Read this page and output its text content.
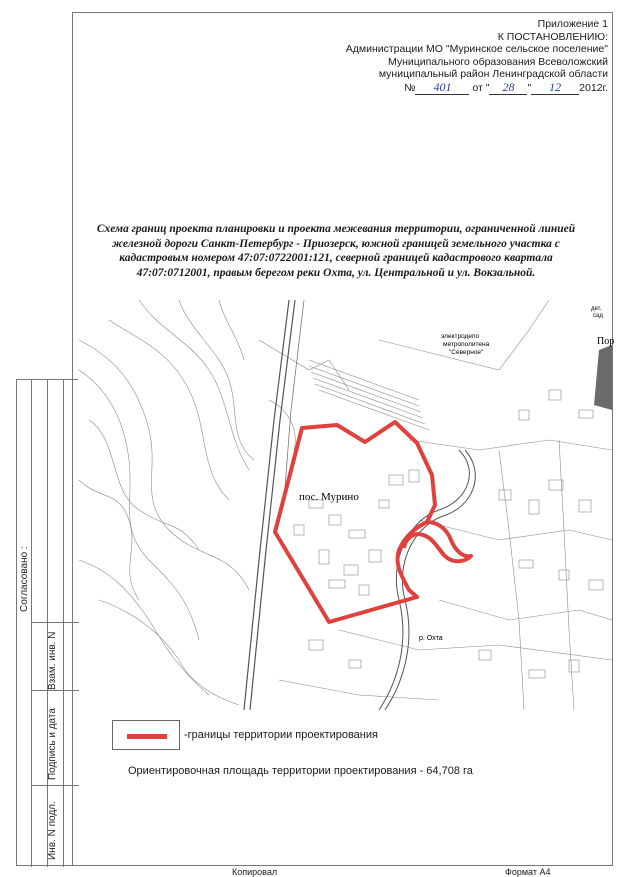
Согласовано :
Взам. инв. N
Подпись и дата
Инв. N подл.
Приложение 1
К ПОСТАНОВЛЕНИЮ:
Администрации МО "Муринское сельское поселение"
Муниципального образования Всеволожский
муниципальный район Ленинградской области
№ 401 от " 28 " 12 2012г.
Схема границ проекта планировки и проекта межевания территории, ограниченной линией
железной дороги Санкт-Петербург - Приозерск, южной границей земельного участка с
кадастровым номером 47:07:0722001:121, северной границей кадастрового квартала
47:07:0712001, правым берегом реки Охта, ул. Центральной и ул. Вокзальной.
пос. Мурино
электродепо
метрополитена
"Северное"
р. Охта
Пор
дет.
сад
-границы территории проектирования
Ориентировочная площадь территории проектирования - 64,708 га
Копировал	Формат A4
